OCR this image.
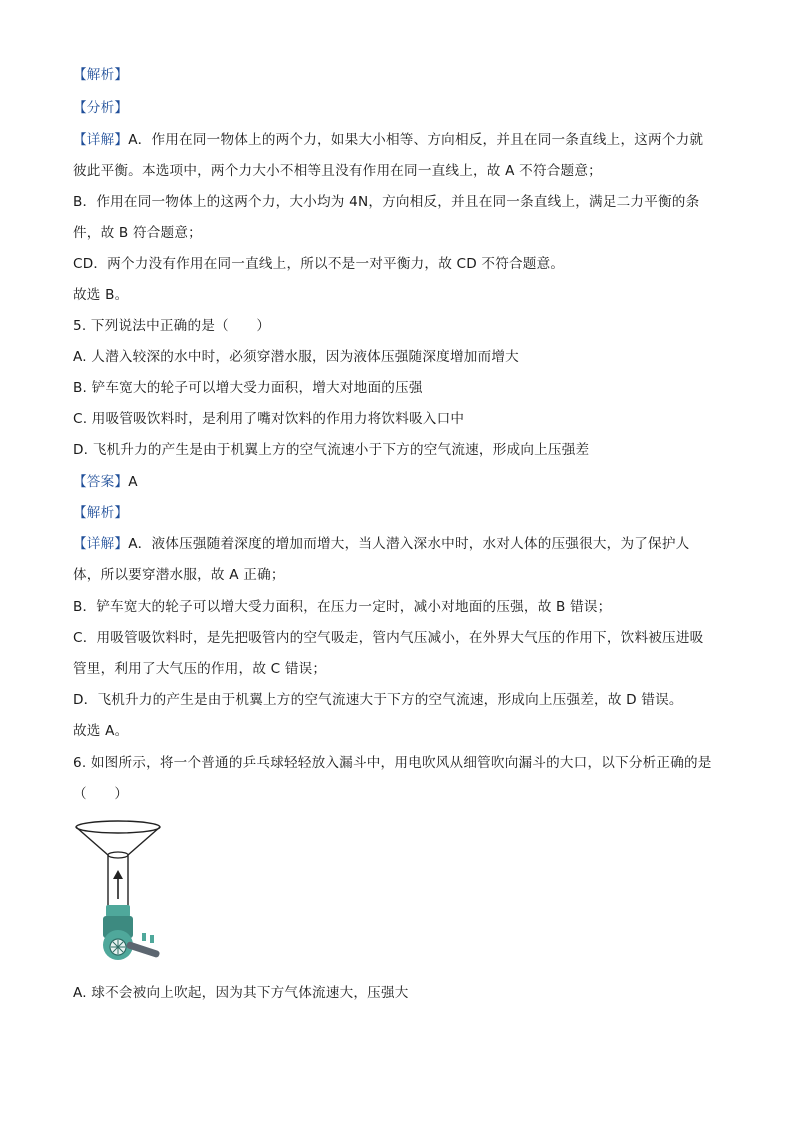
【解析】
【分析】
【详解】A．作用在同一物体上的两个力，如果大小相等、方向相反，并且在同一条直线上，这两个力就
彼此平衡。本选项中，两个力大小不相等且没有作用在同一直线上，故 A 不符合题意；
B．作用在同一物体上的这两个力，大小均为 4N，方向相反，并且在同一条直线上，满足二力平衡的条
件，故 B 符合题意；
CD．两个力没有作用在同一直线上，所以不是一对平衡力，故 CD 不符合题意。
故选 B。
5. 下列说法中正确的是（　　）
A. 人潜入较深的水中时，必须穿潜水服，因为液体压强随深度增加而增大
B. 铲车宽大的轮子可以增大受力面积，增大对地面的压强
C. 用吸管吸饮料时，是利用了嘴对饮料的作用力将饮料吸入口中
D. 飞机升力的产生是由于机翼上方的空气流速小于下方的空气流速，形成向上压强差
【答案】A
【解析】
【详解】A．液体压强随着深度的增加而增大，当人潜入深水中时，水对人体的压强很大，为了保护人
体，所以要穿潜水服，故 A 正确；
B．铲车宽大的轮子可以增大受力面积，在压力一定时，减小对地面的压强，故 B 错误；
C．用吸管吸饮料时，是先把吸管内的空气吸走，管内气压减小，在外界大气压的作用下，饮料被压进吸
管里，利用了大气压的作用，故 C 错误；
D．飞机升力的产生是由于机翼上方的空气流速大于下方的空气流速，形成向上压强差，故 D 错误。
故选 A。
6. 如图所示，将一个普通的乒乓球轻轻放入漏斗中，用电吹风从细管吹向漏斗的大口，以下分析正确的是
（　　）
A. 球不会被向上吹起，因为其下方气体流速大，压强大
